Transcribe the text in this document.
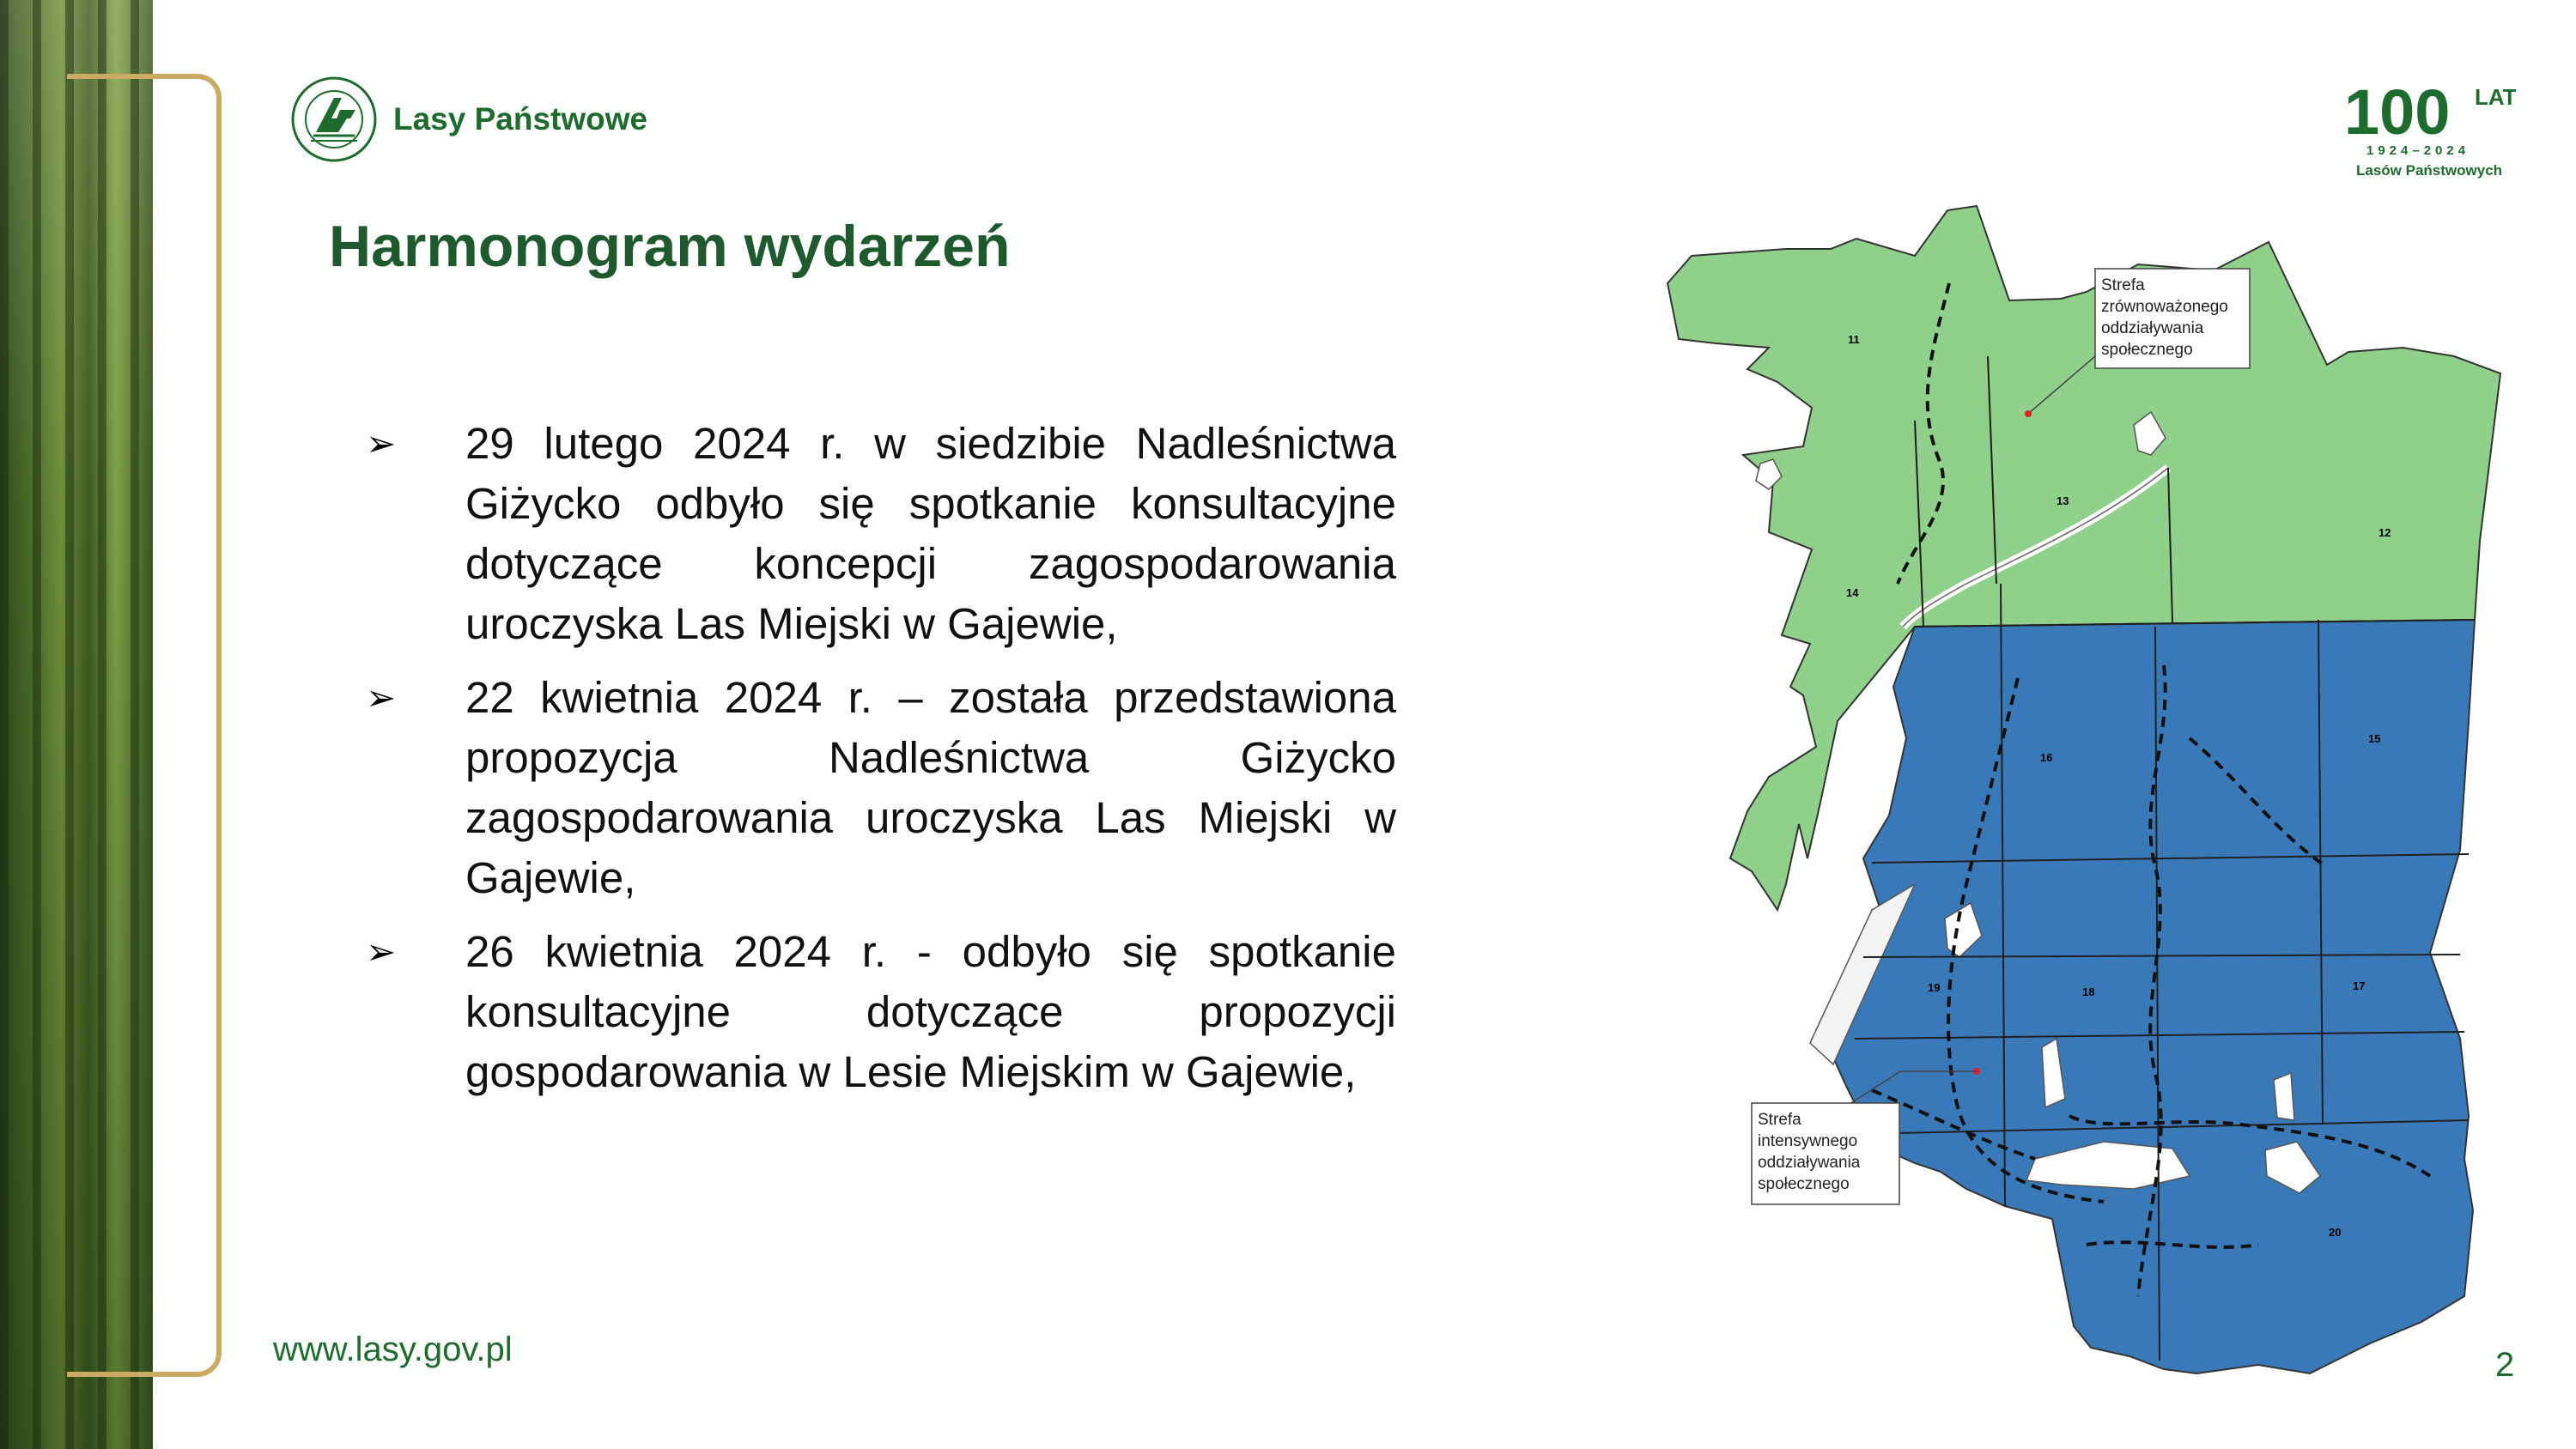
Lasy Państwowe	100 LAT
1924–2024
Lasów Państwowych
Harmonogram wydarzeń
➢	29 lutego 2024 r. w siedzibie Nadleśnictwa Giżycko odbyło się spotkanie konsultacyjne dotyczące koncepcji zagospodarowania uroczyska Las Miejski w Gajewie,
➢	22 kwietnia 2024 r. – została przedstawiona propozycja Nadleśnictwa Giżycko zagospodarowania uroczyska Las Miejski w Gajewie,
➢	26 kwietnia 2024 r. - odbyło się spotkanie konsultacyjne dotyczące propozycji gospodarowania w Lesie Miejskim w Gajewie,
11
12
13
14
15
16
17
18
19
20
Strefa
zrównoważonego
oddziaływania
społecznego
Strefa
intensywnego
oddziaływania
społecznego
www.lasy.gov.pl	2
